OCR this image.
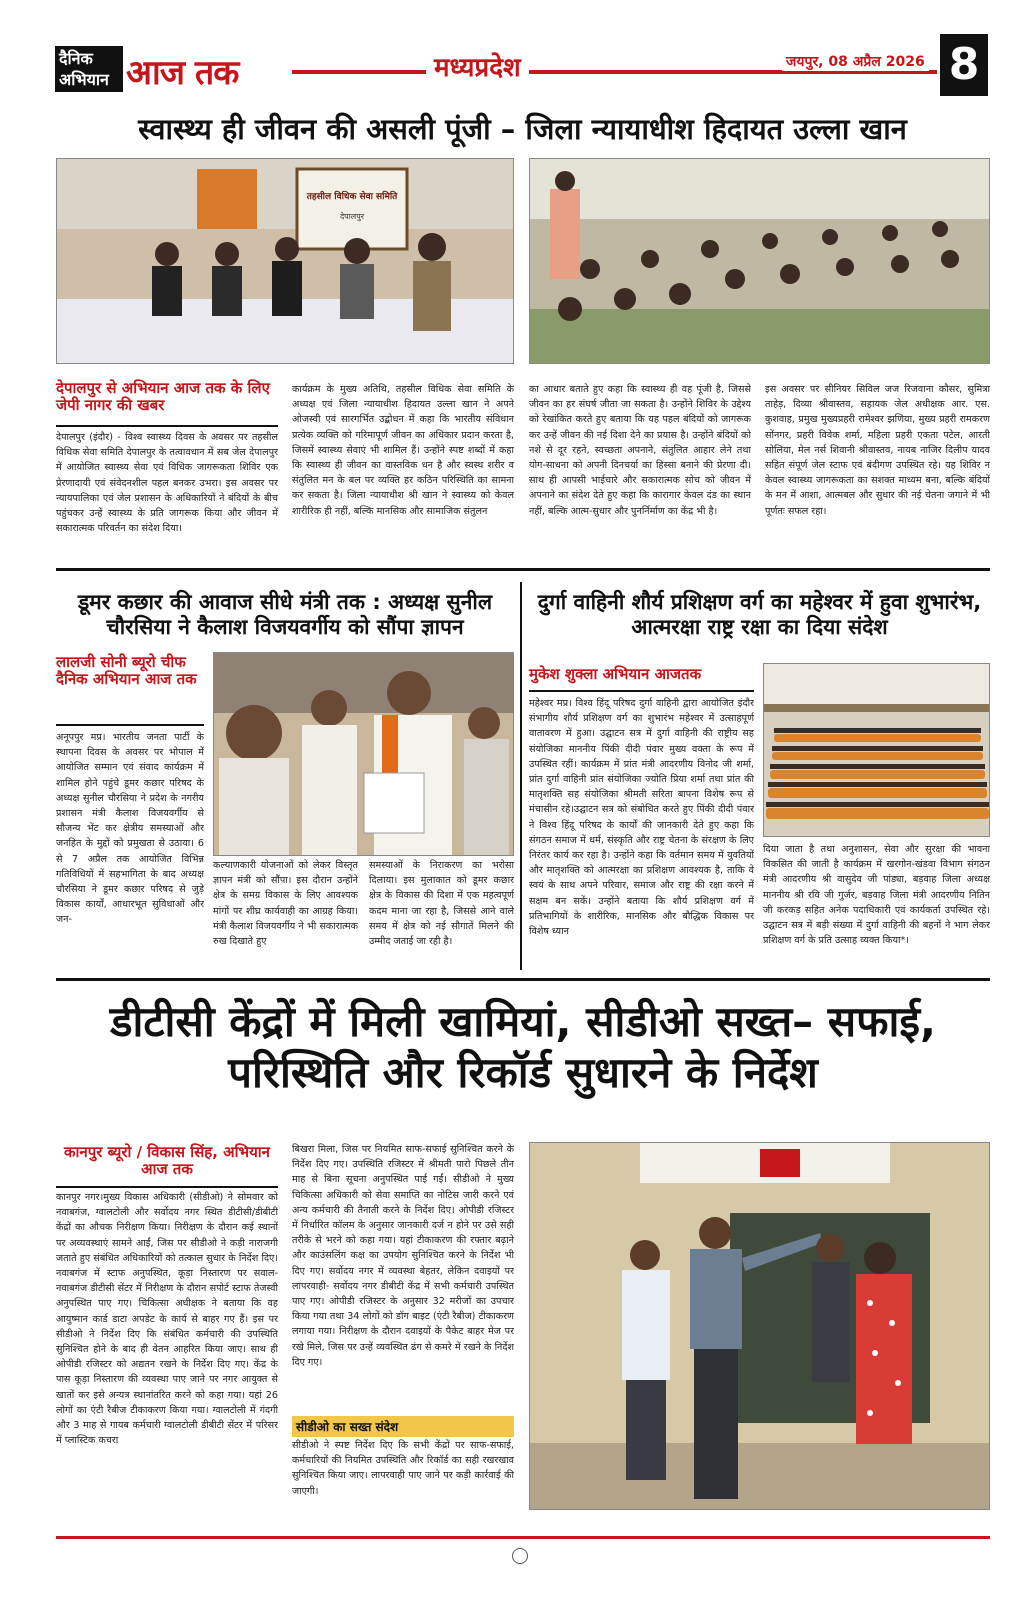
दैनिक
अभियान आज तक	मध्यप्रदेश	जयपुर, 08 अप्रैल 2026 8
स्वास्थ्य ही जीवन की असली पूंजी – जिला न्यायाधीश हिदायत उल्ला खान
तहसील विधिक सेवा समिति
देपालपुर
देपालपुर से अभियान आज तक के लिए जेपी नागर की खबर
देपालपुर (इंदौर) - विश्व स्वास्थ्य दिवस के अवसर पर तहसील विधिक सेवा समिति देपालपुर के तत्वावधान में सब जेल देपालपुर में आयोजित स्वास्थ्य सेवा एवं विधिक जागरूकता शिविर एक प्रेरणादायी एवं संवेदनशील पहल बनकर उभरा। इस अवसर पर न्यायपालिका एवं जेल प्रशासन के अधिकारियों ने बंदियों के बीच पहुंचकर उन्हें स्वास्थ्य के प्रति जागरूक किया और जीवन में सकारात्मक परिवर्तन का संदेश दिया।
कार्यक्रम के मुख्य अतिथि, तहसील विधिक सेवा समिति के अध्यक्ष एवं जिला न्यायाधीश हिदायत उल्ला खान ने अपने ओजस्वी एवं सारगर्भित उद्बोधन में कहा कि भारतीय संविधान प्रत्येक व्यक्ति को गरिमापूर्ण जीवन का अधिकार प्रदान करता है, जिसमें स्वास्थ्य सेवाएं भी शामिल हैं। उन्होंने स्पष्ट शब्दों में कहा कि स्वास्थ्य ही जीवन का वास्तविक धन है और स्वस्थ शरीर व संतुलित मन के बल पर व्यक्ति हर कठिन परिस्थिति का सामना कर सकता है। जिला न्यायाधीश श्री खान ने स्वास्थ्य को केवल शारीरिक ही नहीं, बल्कि मानसिक और सामाजिक संतुलन
का आधार बताते हुए कहा कि स्वास्थ्य ही वह पूंजी है, जिससे जीवन का हर संघर्ष जीता जा सकता है। उन्होंने शिविर के उद्देश्य को रेखांकित करते हुए बताया कि यह पहल बंदियों को जागरूक कर उन्हें जीवन की नई दिशा देने का प्रयास है। उन्होंने बंदियों को नशे से दूर रहने, स्वच्छता अपनाने, संतुलित आहार लेने तथा योग-साधना को अपनी दिनचर्या का हिस्सा बनाने की प्रेरणा दी। साथ ही आपसी भाईचारे और सकारात्मक सोच को जीवन में अपनाने का संदेश देते हुए कहा कि कारागार केवल दंड का स्थान नहीं, बल्कि आत्म-सुधार और पुनर्निर्माण का केंद्र भी है।
इस अवसर पर सीनियर सिविल जज रिजवाना कौसर, सुमित्रा ताहेड़, दिव्या श्रीवास्तव, सहायक जेल अधीक्षक आर. एस. कुशवाह, प्रमुख मुख्यप्रहरी रामेश्वर झणिया, मुख्य प्रहरी रामकरण सोंनगर, प्रहरी विवेक शर्मा, महिला प्रहरी एकता पटेल, आरती सोलिया, मेल नर्स शिवानी श्रीवास्तव, नायब नाजिर दिलीप यादव सहित संपूर्ण जेल स्टाफ एवं बंदीगण उपस्थित रहे। यह शिविर न केवल स्वास्थ्य जागरूकता का सशक्त माध्यम बना, बल्कि बंदियों के मन में आशा, आत्मबल और सुधार की नई चेतना जगाने में भी पूर्णतः सफल रहा।
डूमर कछार की आवाज सीधे मंत्री तक : अध्यक्ष सुनील चौरसिया ने कैलाश विजयवर्गीय को सौंपा ज्ञापन
लालजी सोनी ब्यूरो चीफ दैनिक अभियान आज तक
अनूपपुर मप्र। भारतीय जनता पार्टी के स्थापना दिवस के अवसर पर भोपाल में आयोजित सम्मान एवं संवाद कार्यक्रम में शामिल होने पहुंचे डूमर कछार परिषद के अध्यक्ष सुनील चौरसिया ने प्रदेश के नगरीय प्रशासन मंत्री कैलाश विजयवर्गीय से सौजन्य भेंट कर क्षेत्रीय समस्याओं और जनहित के मुद्दों को प्रमुखता से उठाया। 6 से 7 अप्रैल तक आयोजित विभिन्न गतिविधियों में सहभागिता के बाद अध्यक्ष चौरसिया ने डूमर कछार परिषद से जुड़े विकास कार्यों, आधारभूत सुविधाओं और जन-
कल्याणकारी योजनाओं को लेकर विस्तृत ज्ञापन मंत्री को सौंपा। इस दौरान उन्होंने क्षेत्र के समग्र विकास के लिए आवश्यक मांगों पर शीघ्र कार्यवाही का आग्रह किया। मंत्री कैलाश विजयवर्गीय ने भी सकारात्मक रुख दिखाते हुए
समस्याओं के निराकरण का भरोसा दिलाया। इस मुलाकात को डूमर कछार क्षेत्र के विकास की दिशा में एक महत्वपूर्ण कदम माना जा रहा है, जिससे आने वाले समय में क्षेत्र को नई सौगातें मिलने की उम्मीद जताई जा रही है।
दुर्गा वाहिनी शौर्य प्रशिक्षण वर्ग का महेश्वर में हुवा शुभारंभ, आत्मरक्षा राष्ट्र रक्षा का दिया संदेश
मुकेश शुक्ला अभियान आजतक
महेश्वर मप्र। विश्व हिंदू परिषद दुर्गा वाहिनी द्वारा आयोजित इंदौर संभागीय शौर्य प्रशिक्षण वर्ग का शुभारंभ महेश्वर में उत्साहपूर्ण वातावरण में हुआ। उद्घाटन सत्र में दुर्गा वाहिनी की राष्ट्रीय सह संयोजिका माननीय पिंकी दीदी पंवार मुख्य वक्ता के रूप में उपस्थित रहीं। कार्यक्रम में प्रांत मंत्री आदरणीय विनोद जी शर्मा, प्रांत दुर्गा वाहिनी प्रांत संयोजिका ज्योति प्रिया शर्मा तथा प्रांत की मातृशक्ति सह संयोजिका श्रीमती सरिता बापना विशेष रूप से मंचासीन रहे।उद्घाटन सत्र को संबोधित करते हुए पिंकी दीदी पंवार ने विश्व हिंदू परिषद के कार्यों की जानकारी देते हुए कहा कि संगठन समाज में धर्म, संस्कृति और राष्ट्र चेतना के संरक्षण के लिए निरंतर कार्य कर रहा है। उन्होंने कहा कि वर्तमान समय में युवतियों और मातृशक्ति को आत्मरक्षा का प्रशिक्षण आवश्यक है, ताकि वे स्वयं के साथ अपने परिवार, समाज और राष्ट्र की रक्षा करने में सक्षम बन सकें। उन्होंने बताया कि शौर्य प्रशिक्षण वर्ग में प्रतिभागियों के शारीरिक, मानसिक और बौद्धिक विकास पर विशेष ध्यान
दिया जाता है तथा अनुशासन, सेवा और सुरक्षा की भावना विकसित की जाती है कार्यक्रम में खरगोन-खंडवा विभाग संगठन मंत्री आदरणीय श्री वासुदेव जी पांड्या, बड़वाह जिला अध्यक्ष माननीय श्री रवि जी गुर्जर, बड़वाह जिला मंत्री आदरणीय नितिन जी करकड़ सहित अनेक पदाधिकारी एवं कार्यकर्ता उपस्थित रहे। उद्घाटन सत्र में बड़ी संख्या में दुर्गा वाहिनी की बहनों ने भाग लेकर प्रशिक्षण वर्ग के प्रति उत्साह व्यक्त किया*।
डीटीसी केंद्रों में मिली खामियां, सीडीओ सख्त– सफाई, परिस्थिति और रिकॉर्ड सुधारने के निर्देश
कानपुर ब्यूरो / विकास सिंह, अभियान आज तक
कानपुर नगर।मुख्य विकास अधिकारी (सीडीओ) ने सोमवार को नवाबगंज, ग्वालटोली और सर्वोदय नगर स्थित डीटीसी/डीबीटी केंद्रों का औचक निरीक्षण किया। निरीक्षण के दौरान कई स्थानों पर अव्यवस्थाएं सामने आईं, जिस पर सीडीओ ने कड़ी नाराजगी जताते हुए संबंधित अधिकारियों को तत्काल सुधार के निर्देश दिए। नवाबगंज में स्टाफ अनुपस्थित, कूड़ा निस्तारण पर सवाल- नवाबगंज डीटीसी सेंटर में निरीक्षण के दौरान सपोर्ट स्टाफ तेजस्वी अनुपस्थित पाए गए। चिकित्सा अधीक्षक ने बताया कि वह आयुष्मान कार्ड डाटा अपडेट के कार्य से बाहर गए हैं। इस पर सीडीओ ने निर्देश दिए कि संबंधित कर्मचारी की उपस्थिति सुनिश्चित होने के बाद ही वेतन आहरित किया जाए। साथ ही ओपीडी रजिस्टर को अद्यतन रखने के निर्देश दिए गए। केंद्र के पास कूड़ा निस्तारण की व्यवस्था पाए जाने पर नगर आयुक्त से खातों कर इसे अन्यत्र स्थानांतरित करने को कहा गया। यहां 26 लोगों का एंटी रैबीज टीकाकरण किया गया। ग्वालटोली में गंदगी और 3 माह से गायब कर्मचारी ग्वालटोली डीबीटी सेंटर में परिसर में प्लास्टिक कचरा
बिखरा मिला, जिस पर नियमित साफ-सफाई सुनिश्चित करने के निर्देश दिए गए। उपस्थिति रजिस्टर में श्रीमती पारो पिछले तीन माह से बिना सूचना अनुपस्थित पाई गईं। सीडीओ ने मुख्य चिकित्सा अधिकारी को सेवा समाप्ति का नोटिस जारी करने एवं अन्य कर्मचारी की तैनाती करने के निर्देश दिए। ओपीडी रजिस्टर में निर्धारित कॉलम के अनुसार जानकारी दर्ज न होने पर उसे सही तरीके से भरने को कहा गया। यहां टीकाकरण की रफ्तार बढ़ाने और काउंसलिंग कक्ष का उपयोग सुनिश्चित करने के निर्देश भी दिए गए। सर्वोदय नगर में व्यवस्था बेहतर, लेकिन दवाइयों पर लापरवाही- सर्वोदय नगर डीबीटी केंद्र में सभी कर्मचारी उपस्थित पाए गए। ओपीडी रजिस्टर के अनुसार 32 मरीजों का उपचार किया गया तथा 34 लोगों को डॉग बाइट (एंटी रैबीज) टीकाकरण लगाया गया। निरीक्षण के दौरान दवाइयों के पैकेट बाहर मेज पर रखे मिले, जिस पर उन्हें व्यवस्थित ढंग से कमरे में रखने के निर्देश दिए गए।
सीडीओ का सख्त संदेश
सीडीओ ने स्पष्ट निर्देश दिए कि सभी केंद्रों पर साफ-सफाई, कर्मचारियों की नियमित उपस्थिति और रिकॉर्ड का सही रखरखाव सुनिश्चित किया जाए। लापरवाही पाए जाने पर कड़ी कार्रवाई की जाएगी।
